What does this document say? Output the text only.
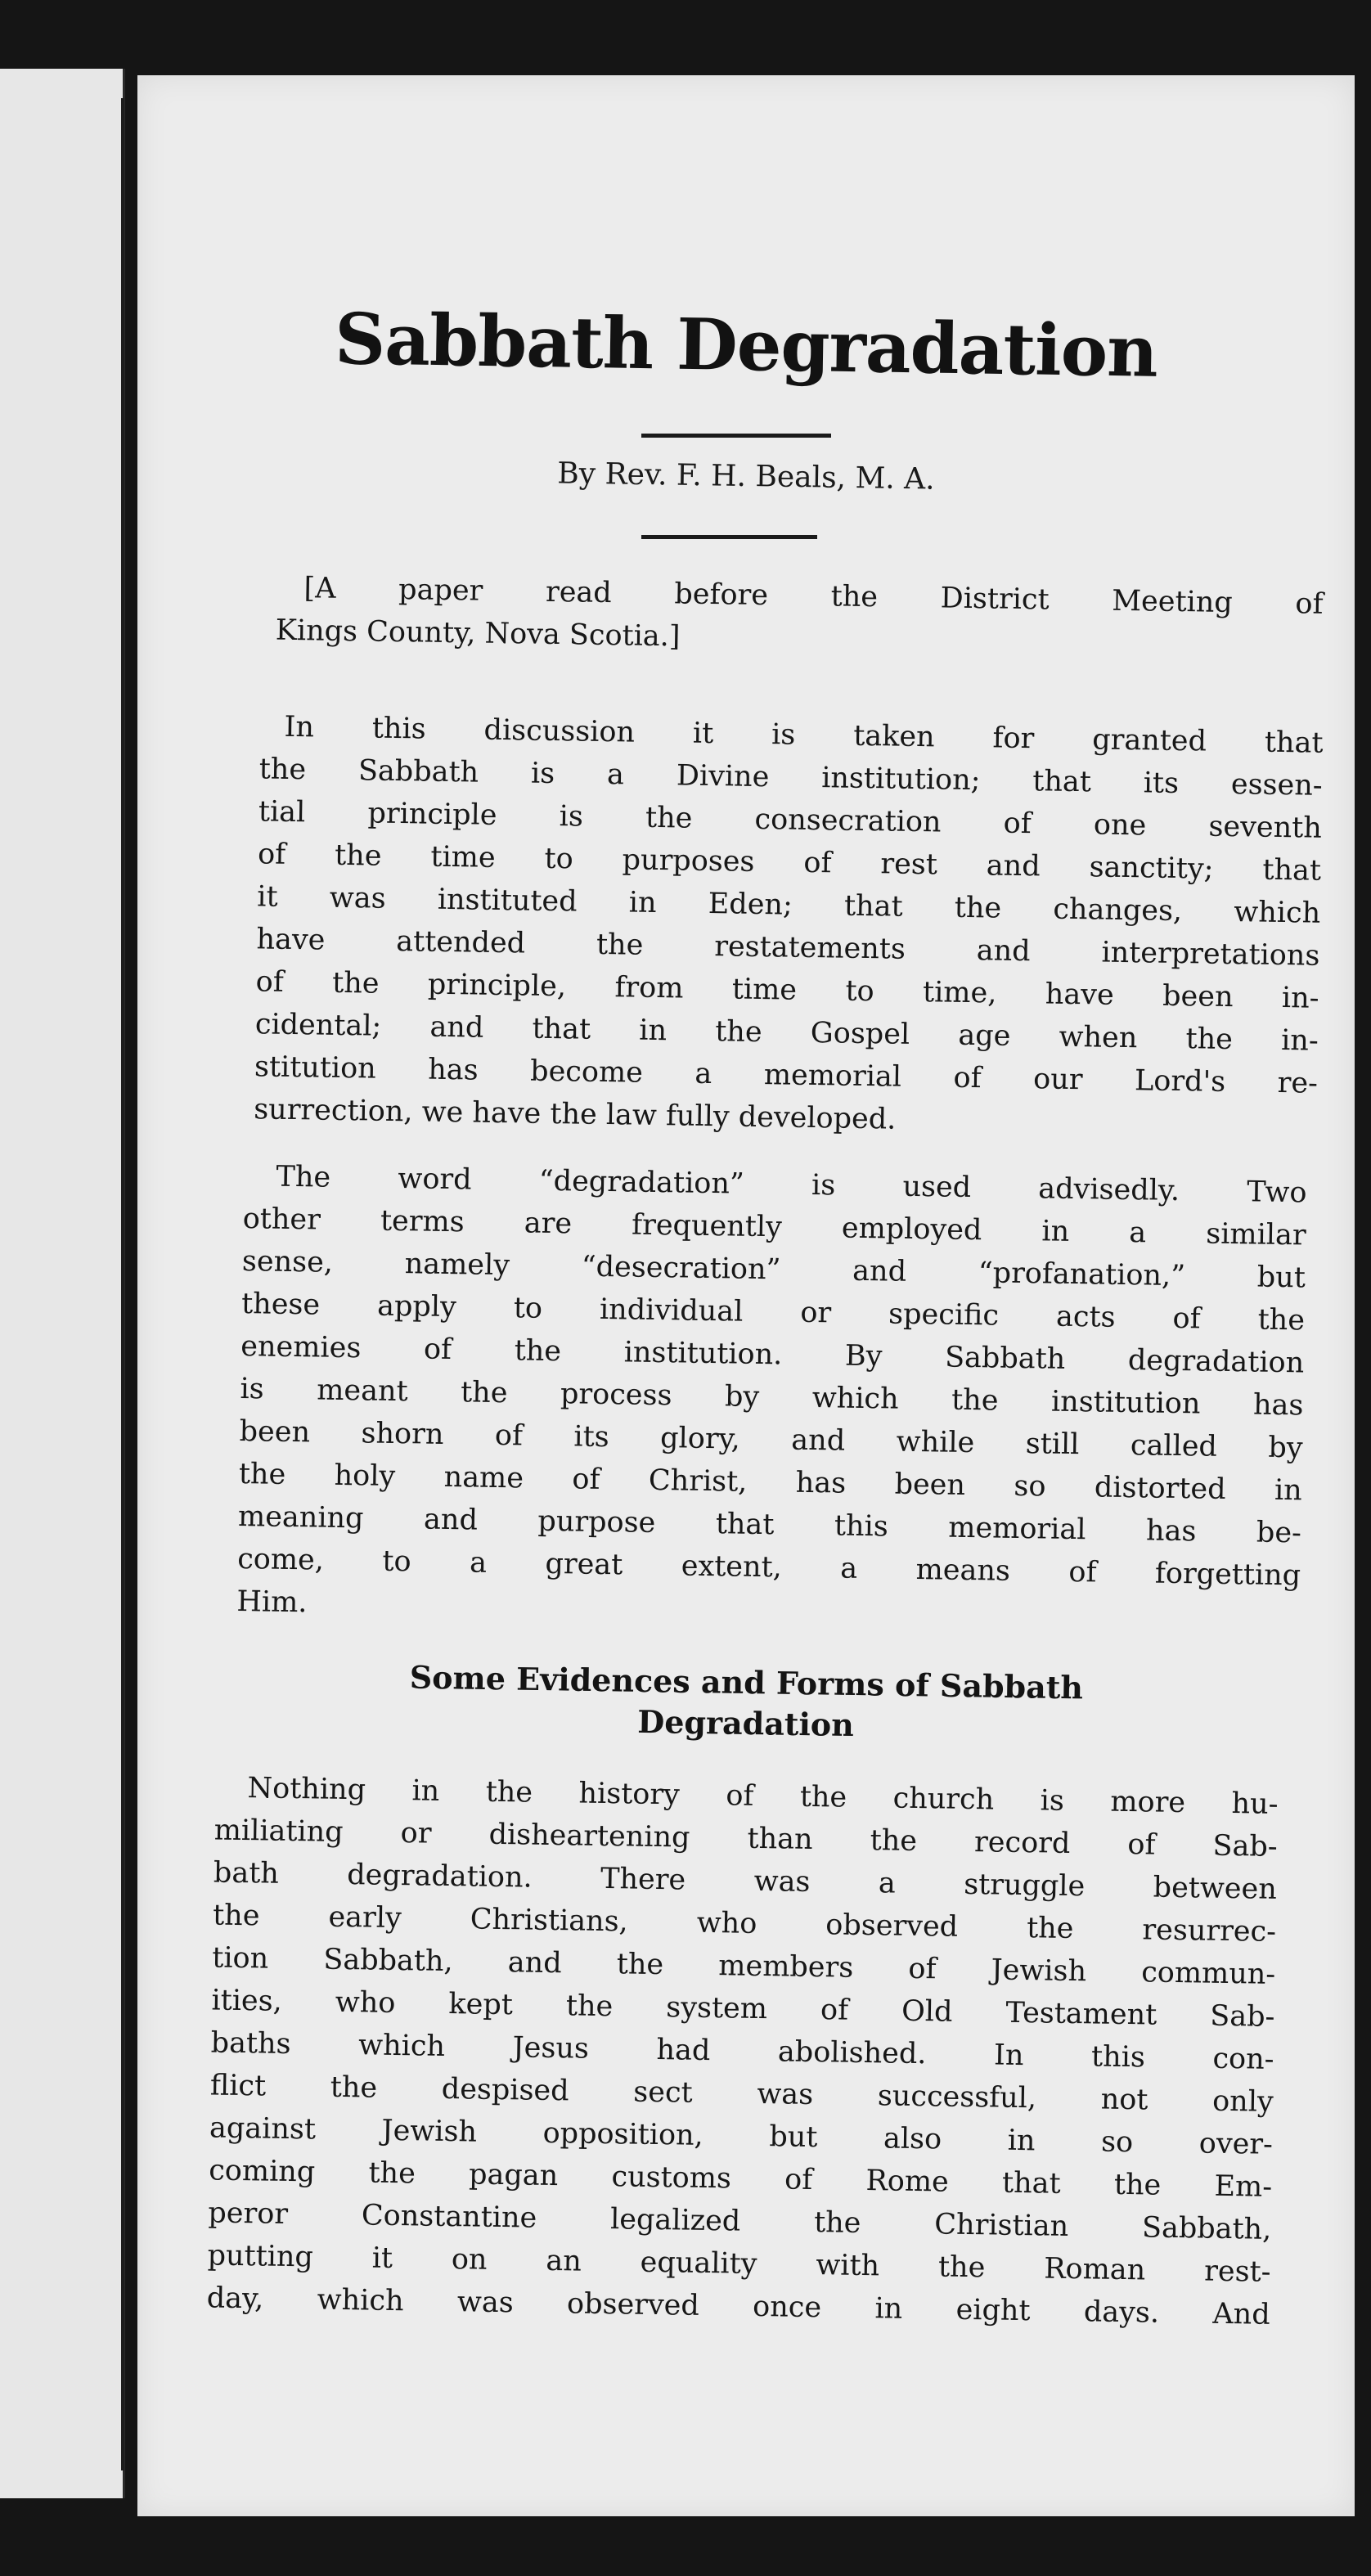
Sabbath Degradation
By Rev. F. H. Beals, M. A.
[A paper read before the District Meeting of
Kings County, Nova Scotia.]
In this discussion it is taken for granted that
the Sabbath is a Divine institution; that its essen-
tial principle is the consecration of one seventh
of the time to purposes of rest and sanctity; that
it was instituted in Eden; that the changes, which
have attended the restatements and interpretations
of the principle, from time to time, have been in-
cidental; and that in the Gospel age when the in-
stitution has become a memorial of our Lord's re-
surrection, we have the law fully developed.
The word “degradation” is used advisedly. Two
other terms are frequently employed in a similar
sense, namely “desecration” and “profanation,” but
these apply to individual or specific acts of the
enemies of the institution. By Sabbath degradation
is meant the process by which the institution has
been shorn of its glory, and while still called by
the holy name of Christ, has been so distorted in
meaning and purpose that this memorial has be-
come, to a great extent, a means of forgetting
Him.
Some Evidences and Forms of Sabbath
Degradation
Nothing in the history of the church is more hu-
miliating or disheartening than the record of Sab-
bath degradation. There was a struggle between
the early Christians, who observed the resurrec-
tion Sabbath, and the members of Jewish commun-
ities, who kept the system of Old Testament Sab-
baths which Jesus had abolished. In this con-
flict the despised sect was successful, not only
against Jewish opposition, but also in so over-
coming the pagan customs of Rome that the Em-
peror Constantine legalized the Christian Sabbath,
putting it on an equality with the Roman rest-
day, which was observed once in eight days. And
